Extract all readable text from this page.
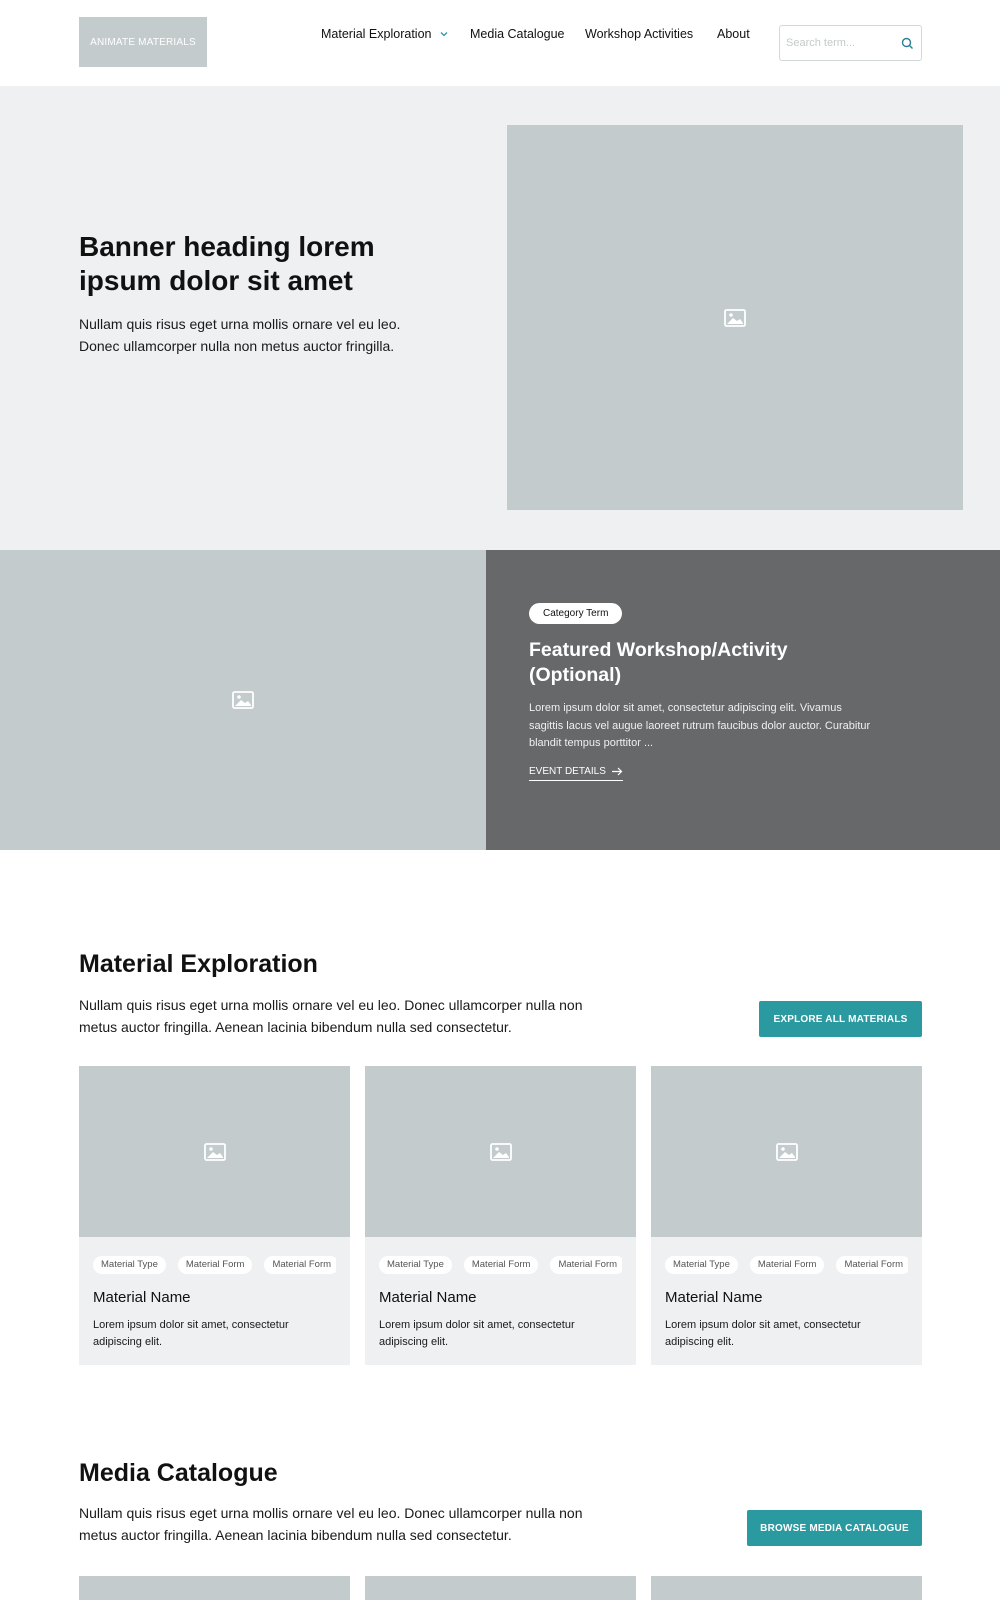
ANIMATE MATERIALS
Material Exploration	Media Catalogue Workshop Activities About
Search term...
Banner heading lorem ipsum dolor sit amet

Nullam quis risus eget urna mollis ornare vel eu leo. Donec ullamcorper nulla non metus auctor fringilla.

Category Term
Featured Workshop/Activity (Optional)

Lorem ipsum dolor sit amet, consectetur adipiscing elit. Vivamus sagittis lacus vel augue laoreet rutrum faucibus dolor auctor. Curabitur blandit tempus porttitor ...

EVENT DETAILS
Material Exploration

Nullam quis risus eget urna mollis ornare vel eu leo. Donec ullamcorper nulla non metus auctor fringilla. Aenean lacinia bibendum nulla sed consectetur.	EXPLORE ALL MATERIALS
Material Type	Material Form	Material Form
Material Name

Lorem ipsum dolor sit amet, consectetur adipiscing elit.

Material Type	Material Form	Material Form
Material Name

Lorem ipsum dolor sit amet, consectetur adipiscing elit.

Material Type	Material Form	Material Form
Material Name

Lorem ipsum dolor sit amet, consectetur adipiscing elit.

Media Catalogue

Nullam quis risus eget urna mollis ornare vel eu leo. Donec ullamcorper nulla non metus auctor fringilla. Aenean lacinia bibendum nulla sed consectetur.	BROWSE MEDIA CATALOGUE
